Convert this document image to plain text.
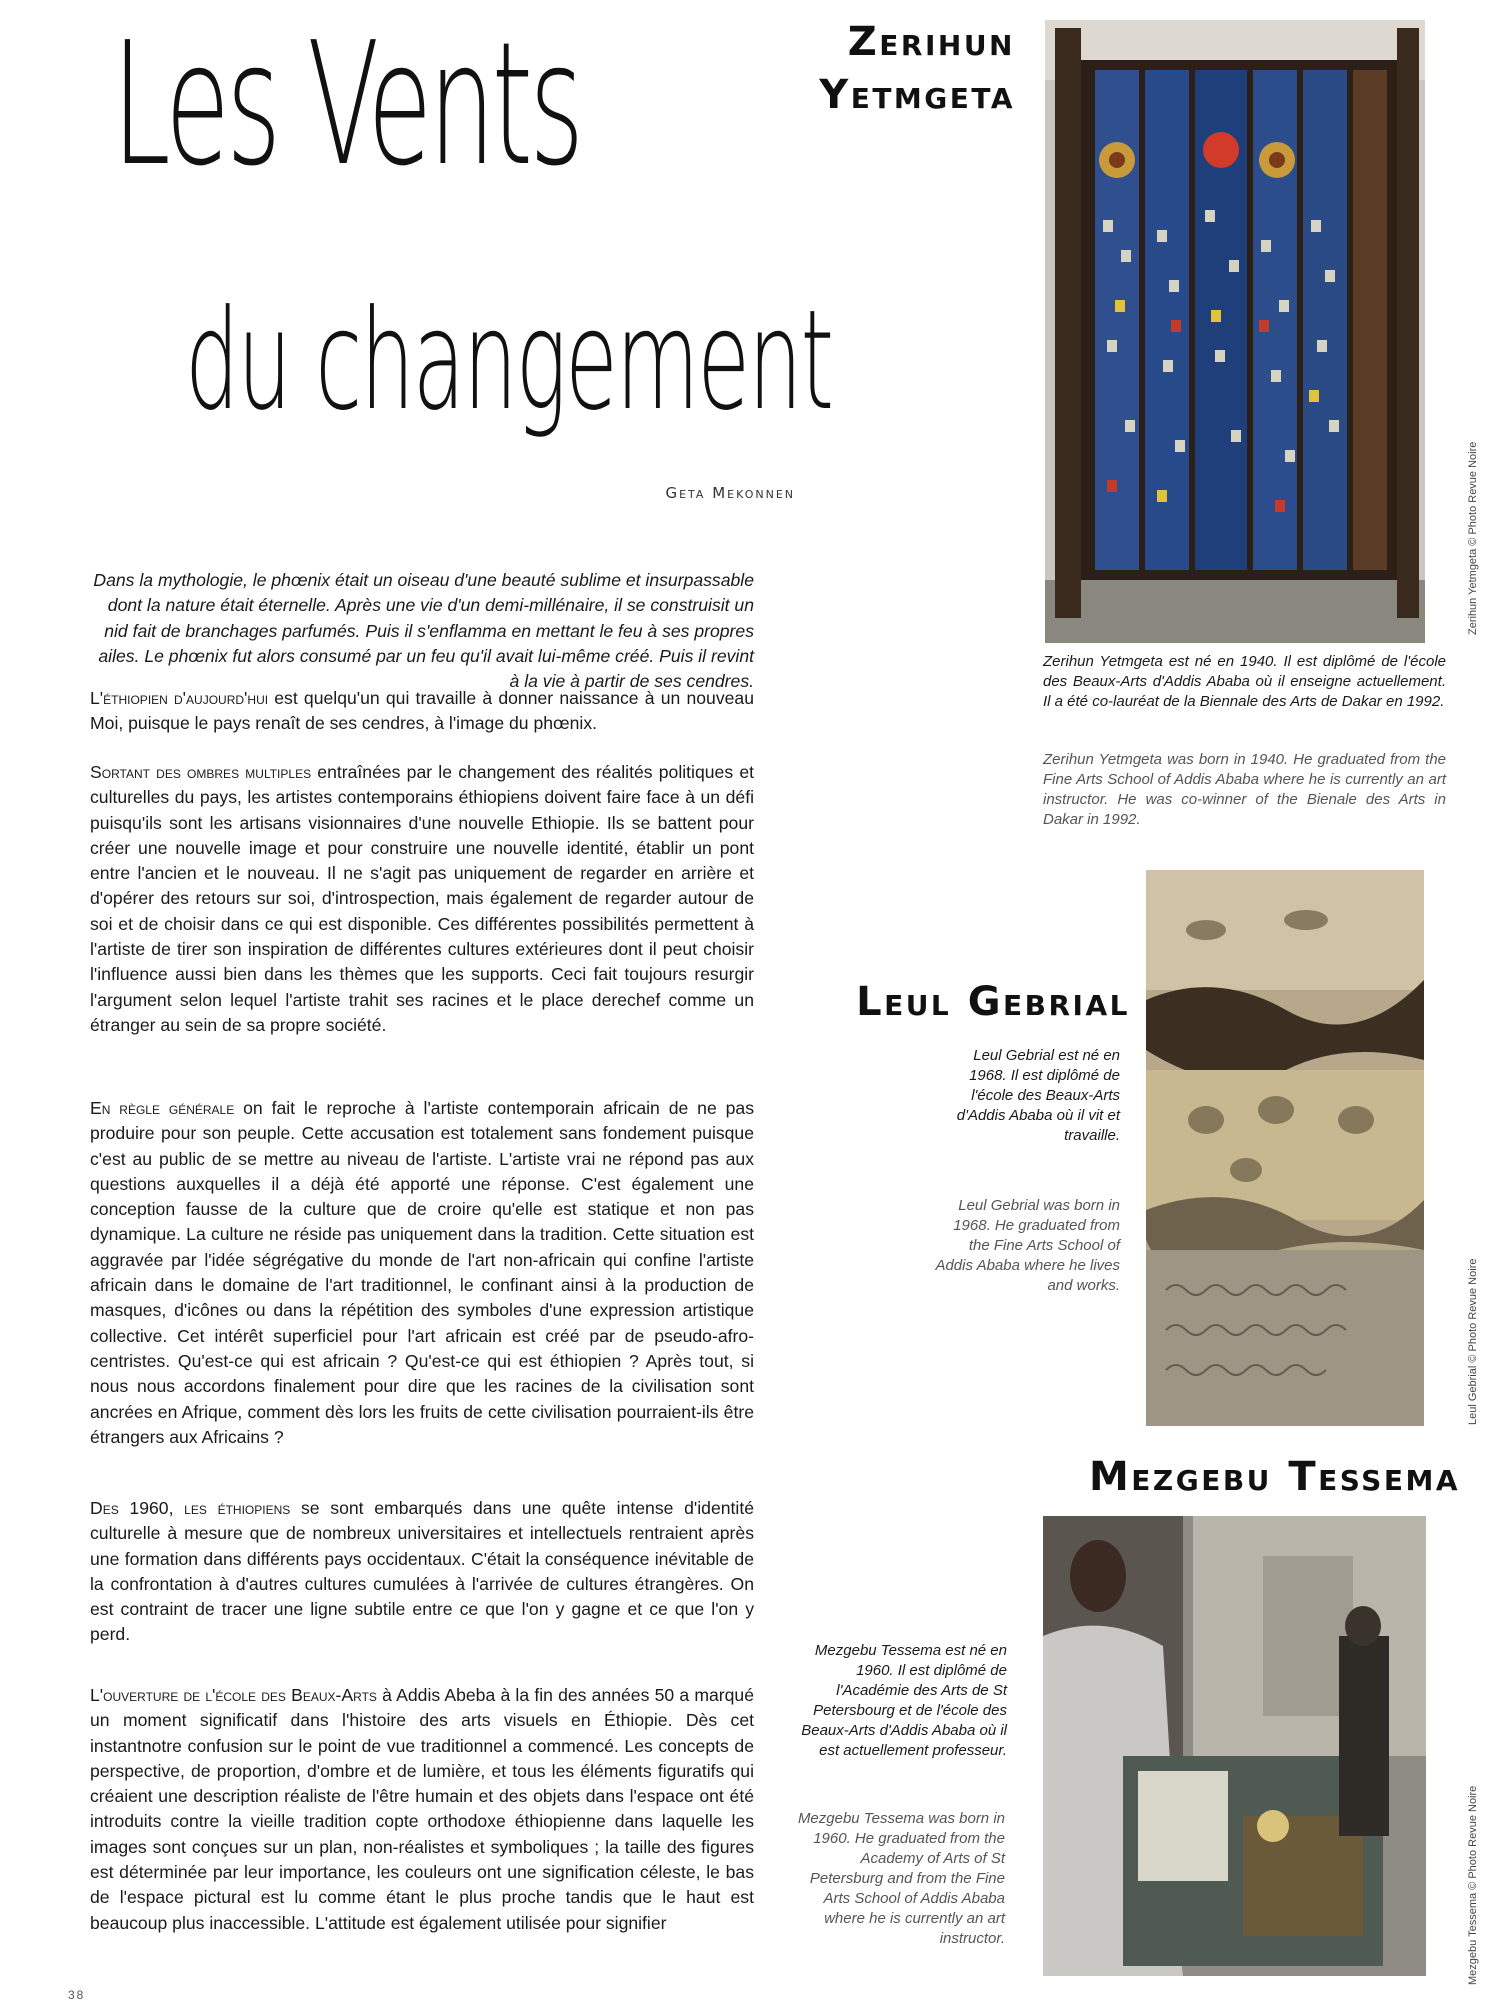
Les Vents
du changement
Geta Mekonnen

Dans la mythologie, le phœnix était un oiseau d'une beauté sublime et insurpassable dont la nature était éternelle. Après une vie d'un demi-millénaire, il se construisit un nid fait de branchages parfumés. Puis il s'enflamma en mettant le feu à ses propres ailes. Le phœnix fut alors consumé par un feu qu'il avait lui-même créé. Puis il revint à la vie à partir de ses cendres.

L'éthiopien d'aujourd'hui est quelqu'un qui travaille à donner naissance à un nouveau Moi, puisque le pays renaît de ses cendres, à l'image du phœnix.

Sortant des ombres multiples entraînées par le changement des réalités politiques et culturelles du pays, les artistes contemporains éthiopiens doivent faire face à un défi puisqu'ils sont les artisans visionnaires d'une nouvelle Ethiopie. Ils se battent pour créer une nouvelle image et pour construire une nouvelle identité, établir un pont entre l'ancien et le nouveau. Il ne s'agit pas uniquement de regarder en arrière et d'opérer des retours sur soi, d'introspection, mais également de regarder autour de soi et de choisir dans ce qui est disponible. Ces différentes possibilités permettent à l'artiste de tirer son inspiration de différentes cultures extérieures dont il peut choisir l'influence aussi bien dans les thèmes que les supports. Ceci fait toujours resurgir l'argument selon lequel l'artiste trahit ses racines et le place derechef comme un étranger au sein de sa propre société.

En règle générale on fait le reproche à l'artiste contemporain africain de ne pas produire pour son peuple. Cette accusation est totalement sans fondement puisque c'est au public de se mettre au niveau de l'artiste. L'artiste vrai ne répond pas aux questions auxquelles il a déjà été apporté une réponse. C'est également une conception fausse de la culture que de croire qu'elle est statique et non pas dynamique. La culture ne réside pas uniquement dans la tradition. Cette situation est aggravée par l'idée ségrégative du monde de l'art non-africain qui confine l'artiste africain dans le domaine de l'art traditionnel, le confinant ainsi à la production de masques, d'icônes ou dans la répétition des symboles d'une expression artistique collective. Cet intérêt superficiel pour l'art africain est créé par de pseudo-afro-centristes. Qu'est-ce qui est africain ? Qu'est-ce qui est éthiopien ? Après tout, si nous nous accordons finalement pour dire que les racines de la civilisation sont ancrées en Afrique, comment dès lors les fruits de cette civilisation pourraient-ils être étrangers aux Africains ?

Des 1960, les éthiopiens se sont embarqués dans une quête intense d'identité culturelle à mesure que de nombreux universitaires et intellectuels rentraient après une formation dans différents pays occidentaux. C'était la conséquence inévitable de la confrontation à d'autres cultures cumulées à l'arrivée de cultures étrangères. On est contraint de tracer une ligne subtile entre ce que l'on y gagne et ce que l'on y perd.

L'ouverture de l'école des Beaux-Arts à Addis Abeba à la fin des années 50 a marqué un moment significatif dans l'histoire des arts visuels en Éthiopie. Dès cet instantnotre confusion sur le point de vue traditionnel a commencé. Les concepts de perspective, de proportion, d'ombre et de lumière, et tous les éléments figuratifs qui créaient une description réaliste de l'être humain et des objets dans l'espace ont été introduits contre la vieille tradition copte orthodoxe éthiopienne dans laquelle les images sont conçues sur un plan, non-réalistes et symboliques ; la taille des figures est déterminée par leur importance, les couleurs ont une signification céleste, le bas de l'espace pictural est lu comme étant le plus proche tandis que le haut est beaucoup plus inaccessible. L'attitude est également utilisée pour signifier

Zerihun
Yetmgeta

Zerihun Yetmgeta est né en 1940. Il est diplômé de l'école des Beaux-Arts d'Addis Ababa où il enseigne actuellement. Il a été co-lauréat de la Biennale des Arts de Dakar en 1992.

Zerihun Yetmgeta was born in 1940. He graduated from the Fine Arts School of Addis Ababa where he is currently an art instructor. He was co-winner of the Bienale des Arts in Dakar in 1992.

Zerihun Yetmgeta © Photo Revue Noire
Leul Gebrial

Leul Gebrial est né en 1968. Il est diplômé de l'école des Beaux-Arts d'Addis Ababa où il vit et travaille.

Leul Gebrial was born in 1968. He graduated from the Fine Arts School of Addis Ababa where he lives and works.	Leul Gebrial © Photo Revue Noire
Mezgebu Tessema

Mezgebu Tessema est né en 1960. Il est diplômé de l'Académie des Arts de St Petersbourg et de l'école des Beaux-Arts d'Addis Ababa où il est actuellement professeur.

Mezgebu Tessema was born in 1960. He graduated from the Academy of Arts of St Petersburg and from the Fine Arts School of Addis Ababa where he is currently an art instructor.	Mezgebu Tessema © Photo Revue Noire
38
